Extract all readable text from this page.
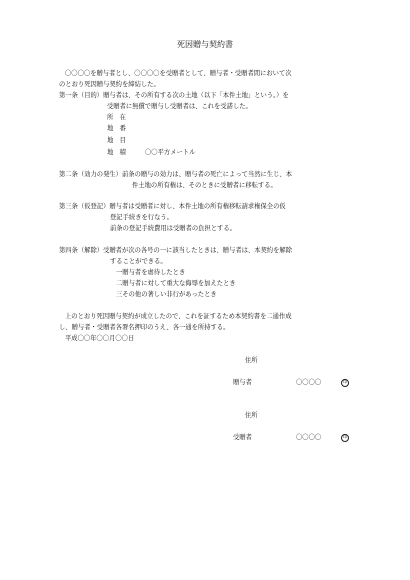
死因贈与契約書
〇〇〇〇を贈与者とし、〇〇〇〇を受贈者として、贈与者・受贈者間において次
のとおり死因贈与契約を締結した。
第一条（目的）贈与者は、その所有する次の土地（以下「本件土地」という。）を
受贈者に無償で贈与し受贈者は、これを受諾した。
所　在
地　番
地　目
地　積	〇〇平方メートル
第二条（効力の発生）前条の贈与の効力は、贈与者の死亡によって当然に生じ、本
件土地の所有権は、そのときに受贈者に移転する。
第三条（仮登記）贈与者は受贈者に対し、本件土地の所有権移転請求権保全の仮
登記手続きを行なう。
前条の登記手続費用は受贈者の負担とする。
第四条（解除）受贈者が次の各号の一に該当したときは、贈与者は、本契約を解除
することができる。
一贈与者を虐待したとき
二贈与者に対して重大な侮辱を加えたとき
三その他の著しい非行があったとき
上のとおり死因贈与契約が成立したので、これを証するため本契約書を二通作成
し、贈与者・受贈者各署名押印のうえ、各一通を所持する。
平成〇〇年〇〇月〇〇日
住所
贈与者	〇〇〇〇	印
住所
受贈者	〇〇〇〇	印
